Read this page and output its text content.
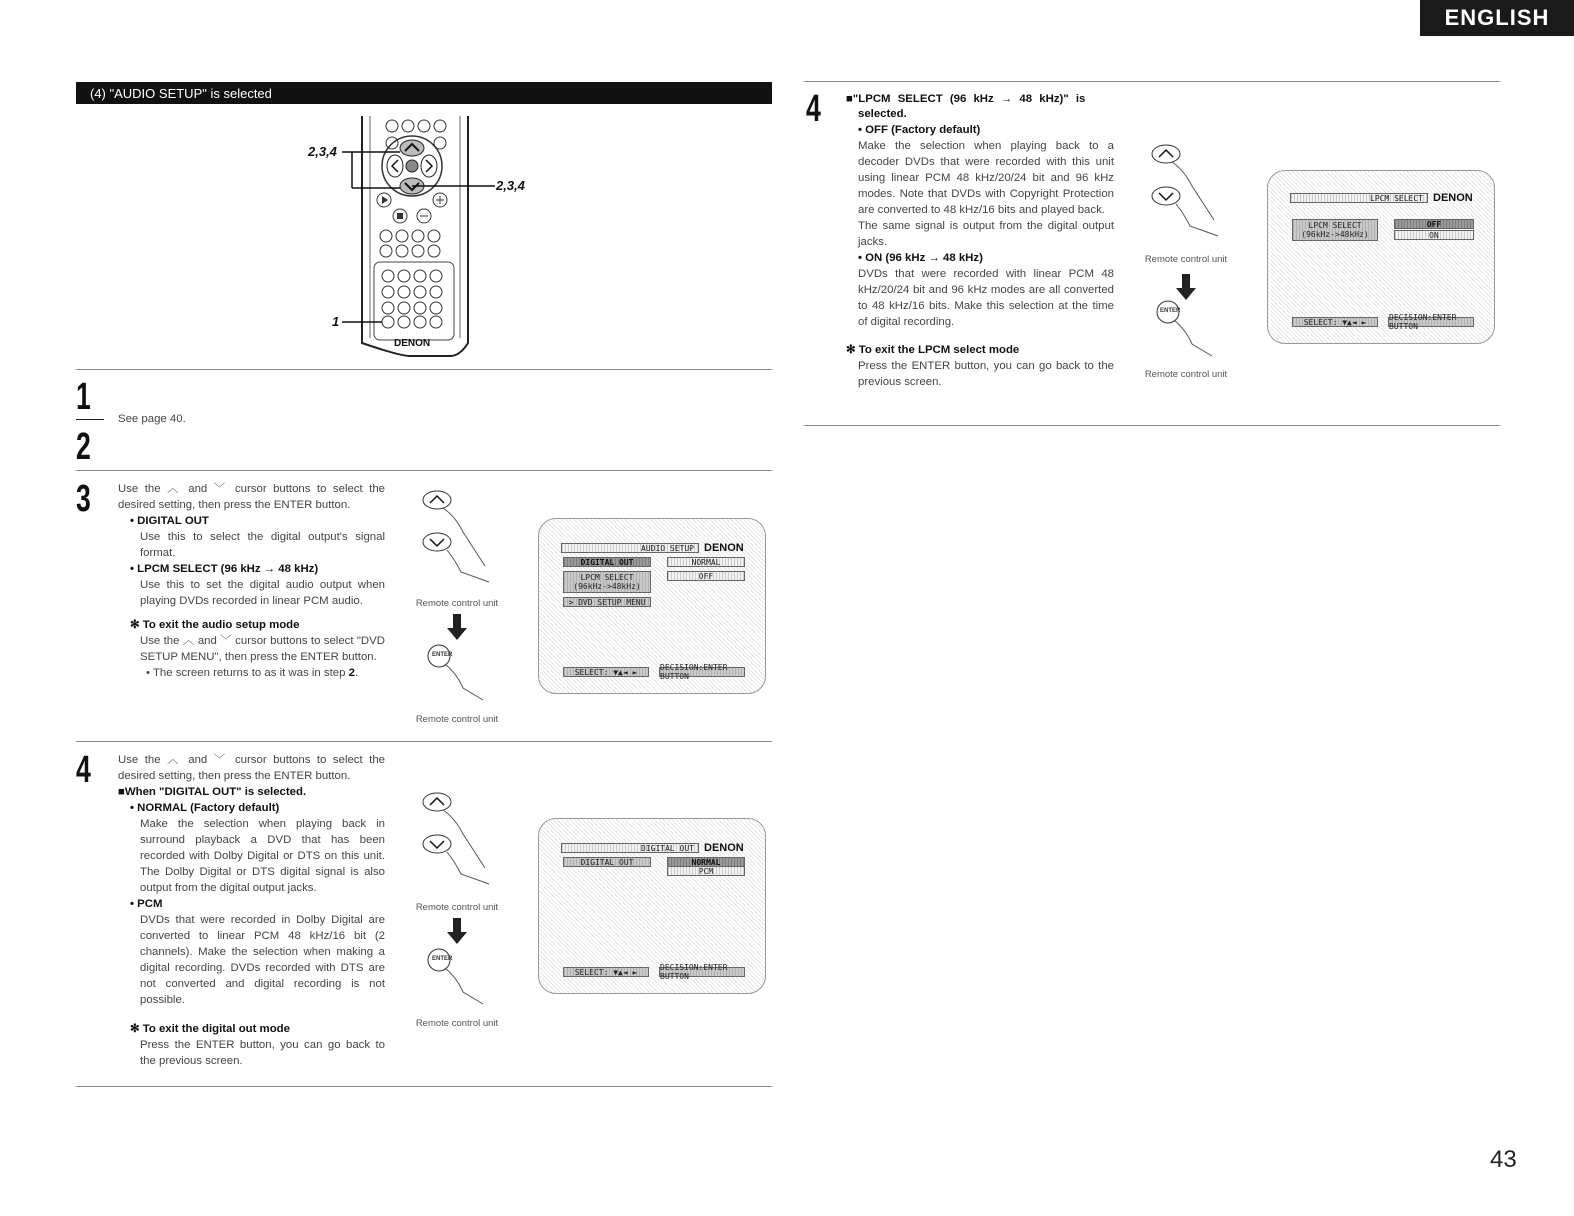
ENGLISH
(4) "AUDIO SETUP" is selected
2,3,4
2,3,4
1
DENON
1
See page 40.
2
3 Use the ︿ and ﹀ cursor buttons to select the desired setting, then press the ENTER button.
• DIGITAL OUT
Use this to select the digital output's signal format.
• LPCM SELECT (96 kHz → 48 kHz)
Use this to set the digital audio output when playing DVDs recorded in linear PCM audio.
✻ To exit the audio setup mode
Use the ︿ and ﹀ cursor buttons to select "DVD SETUP MENU", then press the ENTER button.
• The screen returns to as it was in step 2.
Remote control unit
Remote control unit
ENTER
AUDIO SETUP DENON
DIGITAL OUT
LPCM SELECT
(96kHz->48kHz)
> DVD SETUP MENU
NORMAL
OFF
SELECT: ▼▲◄ ►	DECISION:ENTER BUTTON
4 Use the ︿ and ﹀ cursor buttons to select the desired setting, then press the ENTER button.
■When "DIGITAL OUT" is selected.
• NORMAL (Factory default)
Make the selection when playing back in surround playback a DVD that has been recorded with Dolby Digital or DTS on this unit. The Dolby Digital or DTS digital signal is also output from the digital output jacks.
• PCM
DVDs that were recorded in Dolby Digital are converted to linear PCM 48 kHz/16 bit (2 channels). Make the selection when making a digital recording. DVDs recorded with DTS are not converted and digital recording is not possible.
✻ To exit the digital out mode
Press the ENTER button, you can go back to the previous screen.
Remote control unit
Remote control unit
ENTER
DIGITAL OUT DENON
DIGITAL OUT	NORMAL
PCM
SELECT: ▼▲◄ ►	DECISION:ENTER BUTTON
4 ■"LPCM SELECT (96 kHz → 48 kHz)" is
selected.
• OFF (Factory default)
Make the selection when playing back to a decoder DVDs that were recorded with this unit using linear PCM 48 kHz/20/24 bit and 96 kHz modes. Note that DVDs with Copyright Protection are converted to 48 kHz/16 bits and played back.
The same signal is output from the digital output jacks.
• ON (96 kHz → 48 kHz)
DVDs that were recorded with linear PCM 48 kHz/20/24 bit and 96 kHz modes are all converted to 48 kHz/16 bits. Make this selection at the time of digital recording.
✻ To exit the LPCM select mode
Press the ENTER button, you can go back to the previous screen.
Remote control unit
Remote control unit
ENTER
LPCM SELECT DENON
LPCM SELECT
(96kHz->48kHz)
OFF
ON
SELECT: ▼▲◄ ►	DECISION:ENTER BUTTON
43
